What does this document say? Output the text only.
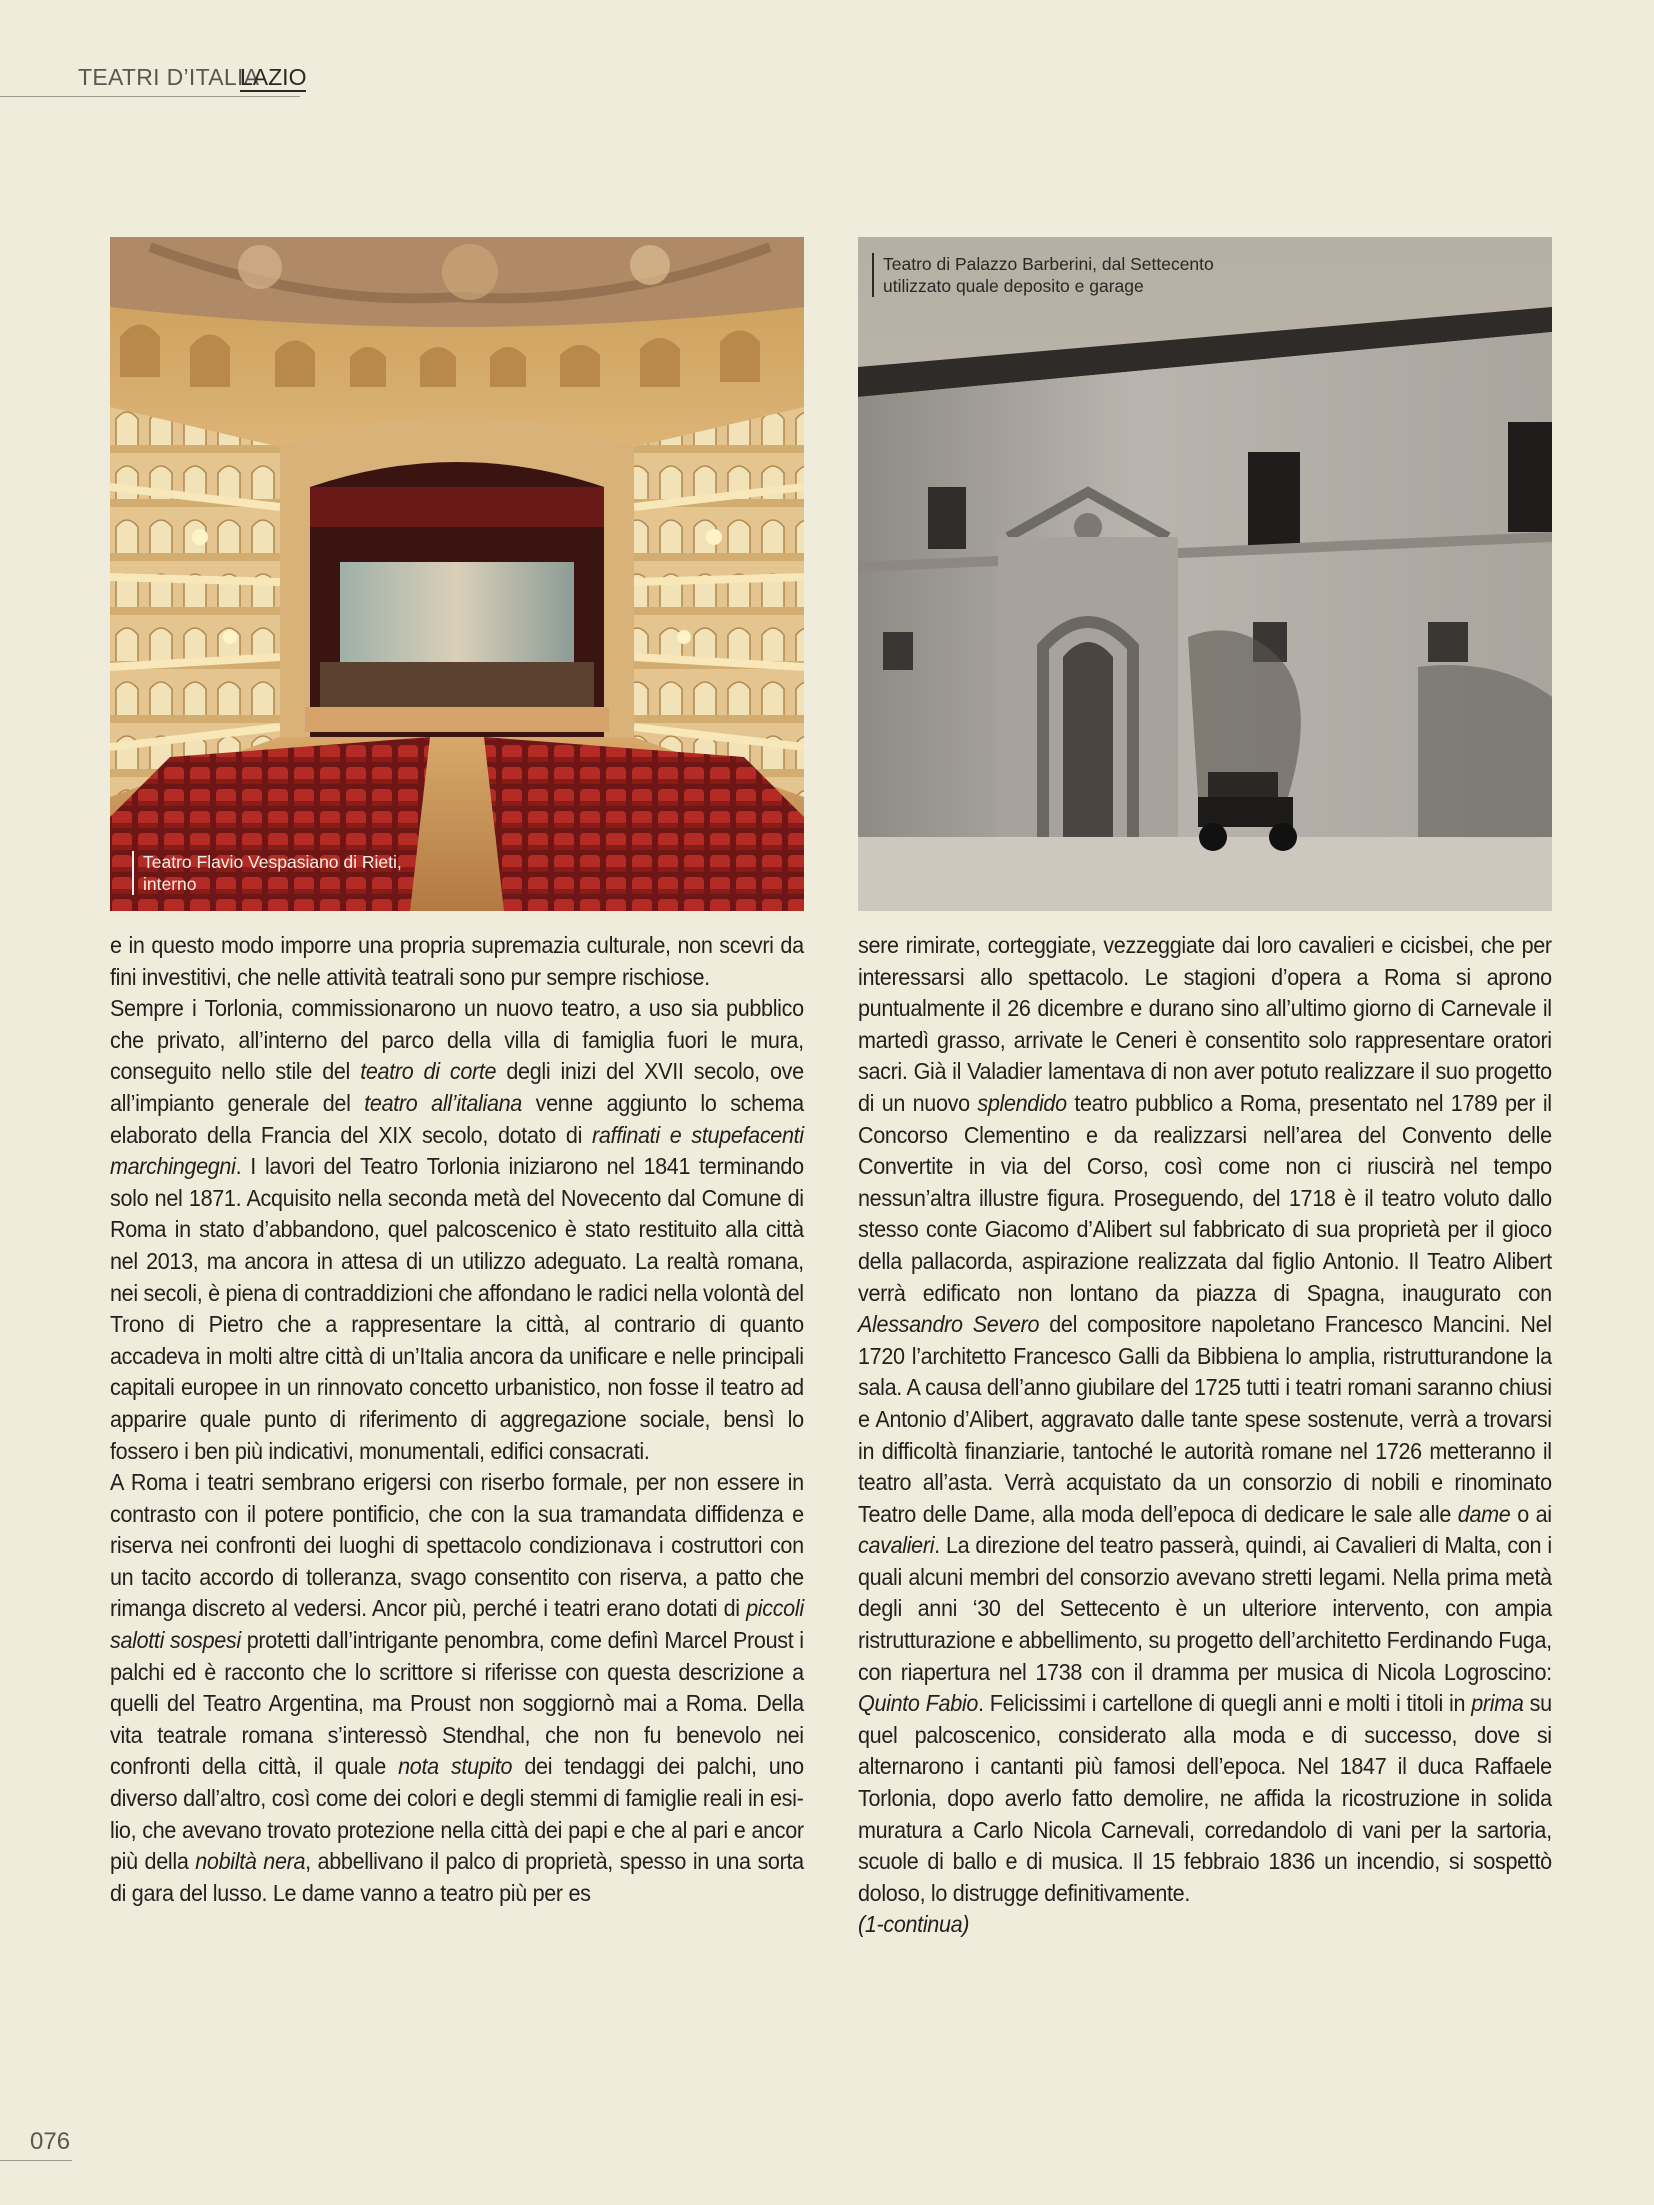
TEATRI D’ITALIA
LAZIO
Teatro Flavio Vespasiano di Rieti, interno
Teatro di Palazzo Barberini, dal Settecento utilizzato quale deposito e garage

e in questo modo imporre una propria supremazia culturale, non scevri da fini investitivi, che nelle attività teatrali sono pur sempre rischiose.

Sempre i Torlonia, commissionarono un nuovo teatro, a uso sia pubblico che privato, all’interno del parco della villa di famiglia fuori le mura, conseguito nello stile del teatro di corte degli inizi del XVII secolo, ove all’impianto generale del teatro all’italiana venne aggiunto lo schema elaborato della Francia del XIX secolo, dotato di raffinati e stupefacenti marchingegni. I lavori del Teatro Torlonia iniziarono nel 1841 terminando solo nel 1871. Acquisito nella seconda metà del Novecento dal Comune di Roma in stato d’abbandono, quel palcoscenico è stato restituito alla città nel 2013, ma ancora in attesa di un utilizzo adeguato. La realtà romana, nei secoli, è piena di contraddizioni che affondano le radici nella volontà del Trono di Pietro che a rappresentare la città, al contrario di quanto accadeva in molti altre città di un’Italia ancora da unificare e nelle principali capitali europee in un rinnovato concetto urbanistico, non fosse il teatro ad apparire quale punto di riferimento di aggregazione sociale, bensì lo fossero i ben più indicativi, monumentali, edifici consacrati.

A Roma i teatri sembrano erigersi con riserbo formale, per non essere in contrasto con il potere pontificio, che con la sua tramandata diffidenza e riserva nei confronti dei luoghi di spettacolo condizionava i costruttori con un tacito accordo di tolleranza, svago consentito con riserva, a patto che rimanga discreto al vedersi. Ancor più, perché i teatri erano dotati di piccoli salotti sospesi protetti dall’intrigante penombra, come definì Marcel Proust i palchi ed è racconto che lo scrittore si riferisse con questa descrizione a quelli del Teatro Argentina, ma Proust non soggiornò mai a Roma. Della vita teatrale romana s’interessò Stendhal, che non fu benevolo nei confronti della città, il quale nota stupito dei tendaggi dei palchi, uno diverso dall’altro, così come dei colori e degli stemmi di famiglie reali in esilio, che avevano trovato protezione nella città dei papi e che al pari e ancor più della nobiltà nera, abbellivano il palco di proprietà, spesso in una sorta di gara del lusso. Le dame vanno a teatro più per es

sere rimirate, corteggiate, vezzeggiate dai loro cavalieri e cicisbei, che per interessarsi allo spettacolo. Le stagioni d’opera a Roma si aprono puntualmente il 26 dicembre e durano sino all’ultimo giorno di Carnevale il martedì grasso, arrivate le Ceneri è consentito solo rappresentare oratori sacri. Già il Valadier lamentava di non aver potuto realizzare il suo progetto di un nuovo splendido teatro pubblico a Roma, presentato nel 1789 per il Concorso Clementino e da realizzarsi nell’area del Convento delle Convertite in via del Corso, così come non ci riuscirà nel tempo nessun’altra illustre figura. Proseguendo, del 1718 è il teatro voluto dallo stesso conte Giacomo d’Alibert sul fabbricato di sua proprietà per il gioco della pallacorda, aspirazione realizzata dal figlio Antonio. Il Teatro Alibert verrà edificato non lontano da piazza di Spagna, inaugurato con Alessandro Severo del compositore napoletano Francesco Mancini. Nel 1720 l’architetto Francesco Galli da Bibbiena lo amplia, ristrutturandone la sala. A causa dell’anno giubilare del 1725 tutti i teatri romani saranno chiusi e Antonio d’Alibert, aggravato dalle tante spese sostenute, verrà a trovarsi in difficoltà finanziarie, tantoché le autorità romane nel 1726 metteranno il teatro all’asta. Verrà acquistato da un consorzio di nobili e rinominato Teatro delle Dame, alla moda dell’epoca di dedicare le sale alle dame o ai cavalieri. La direzione del teatro passerà, quindi, ai Cavalieri di Malta, con i quali alcuni membri del consorzio avevano stretti legami. Nella prima metà degli anni ‘30 del Settecento è un ulteriore intervento, con ampia ristrutturazione e abbellimento, su progetto dell’architetto Ferdinando Fuga, con riapertura nel 1738 con il dramma per musica di Nicola Logroscino: Quinto Fabio. Felicissimi i cartellone di quegli anni e molti i titoli in prima su quel palcoscenico, considerato alla moda e di successo, dove si alternarono i cantanti più famosi dell’epoca. Nel 1847 il duca Raffaele Torlonia, dopo averlo fatto demolire, ne affida la ricostruzione in solida muratura a Carlo Nicola Carnevali, corredandolo di vani per la sartoria, scuole di ballo e di musica. Il 15 febbraio 1836 un incendio, si sospettò doloso, lo distrugge definitivamente.

(1-continua)

076
